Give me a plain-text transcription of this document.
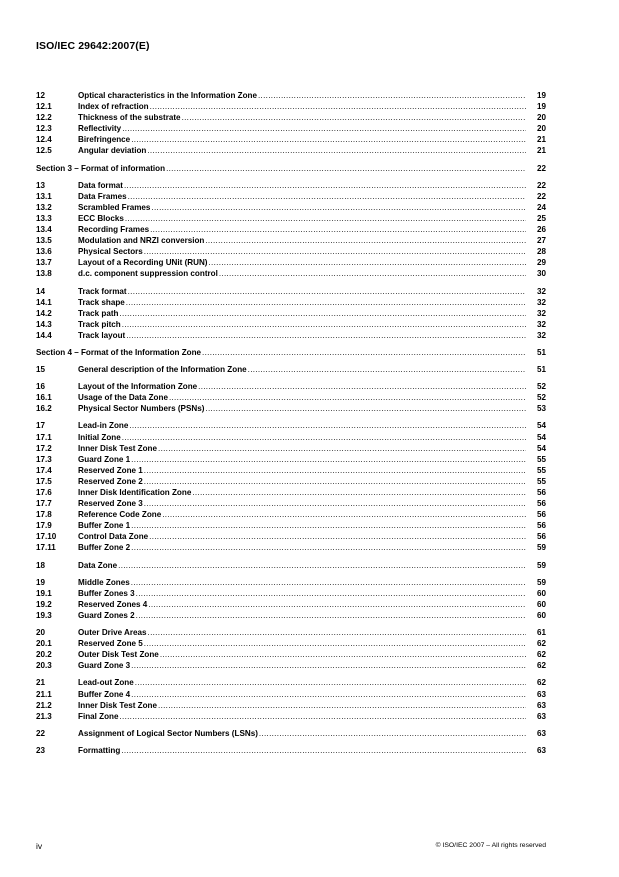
ISO/IEC 29642:2007(E)
12	Optical characteristics in the Information Zone .....	19
12.1	Index of refraction .....	19
12.2	Thickness of the substrate .....	20
12.3	Reflectivity .....	20
12.4	Birefringence .....	21
12.5	Angular deviation .....	21
Section 3 – Format of information .....	22
13	Data format .....	22
13.1	Data Frames .....	22
13.2	Scrambled Frames .....	24
13.3	ECC Blocks .....	25
13.4	Recording Frames .....	26
13.5	Modulation and NRZI conversion .....	27
13.6	Physical Sectors .....	28
13.7	Layout of a Recording UNit (RUN) .....	29
13.8	d.c. component suppression control .....	30
14	Track format .....	32
14.1	Track shape .....	32
14.2	Track path .....	32
14.3	Track pitch .....	32
14.4	Track layout .....	32
Section 4 – Format of the Information Zone .....	51
15	General description of the Information Zone .....	51
16	Layout of the Information Zone .....	52
16.1	Usage of the Data Zone .....	52
16.2	Physical Sector Numbers (PSNs) .....	53
17	Lead-in Zone .....	54
17.1	Initial Zone .....	54
17.2	Inner Disk Test Zone .....	54
17.3	Guard Zone 1 .....	55
17.4	Reserved Zone 1 .....	55
17.5	Reserved Zone 2 .....	55
17.6	Inner Disk Identification Zone .....	56
17.7	Reserved Zone 3 .....	56
17.8	Reference Code Zone .....	56
17.9	Buffer Zone 1 .....	56
17.10	Control Data Zone .....	56
17.11	Buffer Zone 2 .....	59
18	Data Zone .....	59
19	Middle Zones .....	59
19.1	Buffer Zones 3 .....	60
19.2	Reserved Zones 4 .....	60
19.3	Guard Zones 2 .....	60
20	Outer Drive Areas .....	61
20.1	Reserved Zone 5 .....	62
20.2	Outer Disk Test Zone .....	62
20.3	Guard Zone 3 .....	62
21	Lead-out Zone .....	62
21.1	Buffer Zone 4 .....	63
21.2	Inner Disk Test Zone .....	63
21.3	Final Zone .....	63
22	Assignment of Logical Sector Numbers (LSNs) .....	63
23	Formatting .....	63
iv	© ISO/IEC 2007 – All rights reserved
